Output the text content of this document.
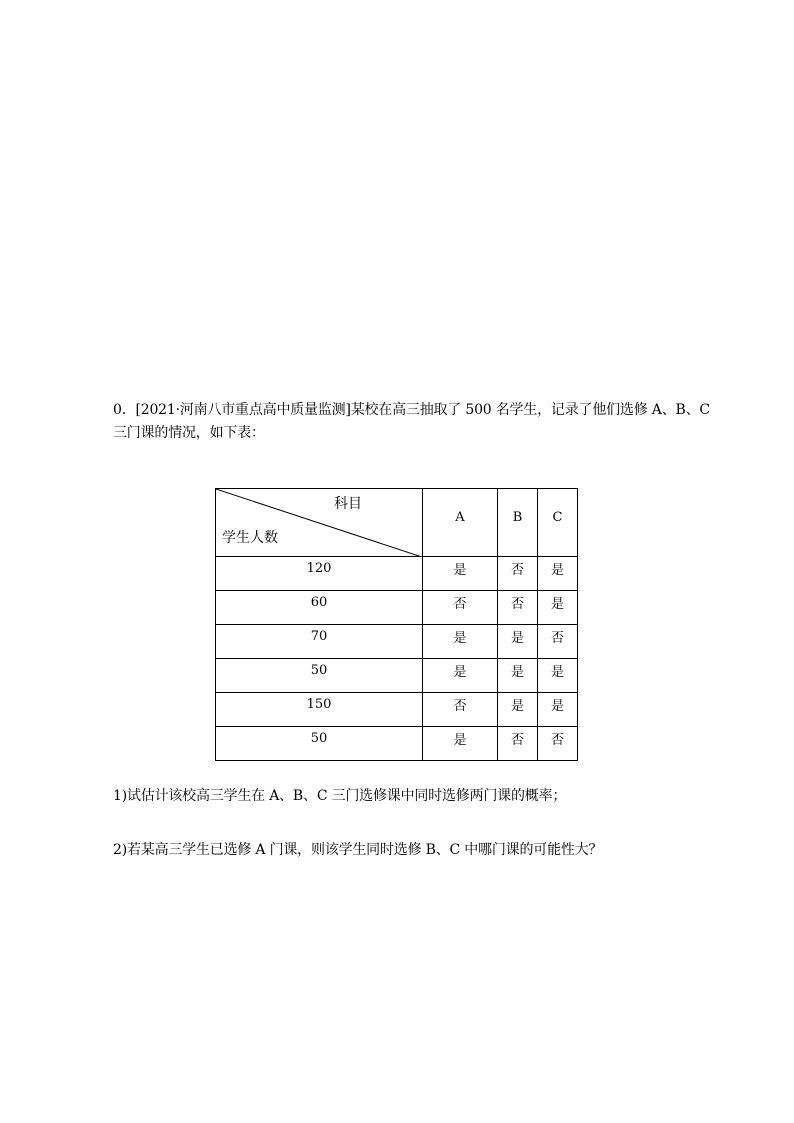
0．[2021·河南八市重点高中质量监测]某校在高三抽取了 500 名学生，记录了他们选修 A、B、C
三门课的情况，如下表：
科目
学生人数	A	B	C
120	是	否	是
60	否	否	是
70	是	是	否
50	是	是	是
150	否	是	是
50	是	否	否
1)试估计该校高三学生在 A、B、C 三门选修课中同时选修两门课的概率；
2)若某高三学生已选修 A 门课，则该学生同时选修 B、C 中哪门课的可能性大？
